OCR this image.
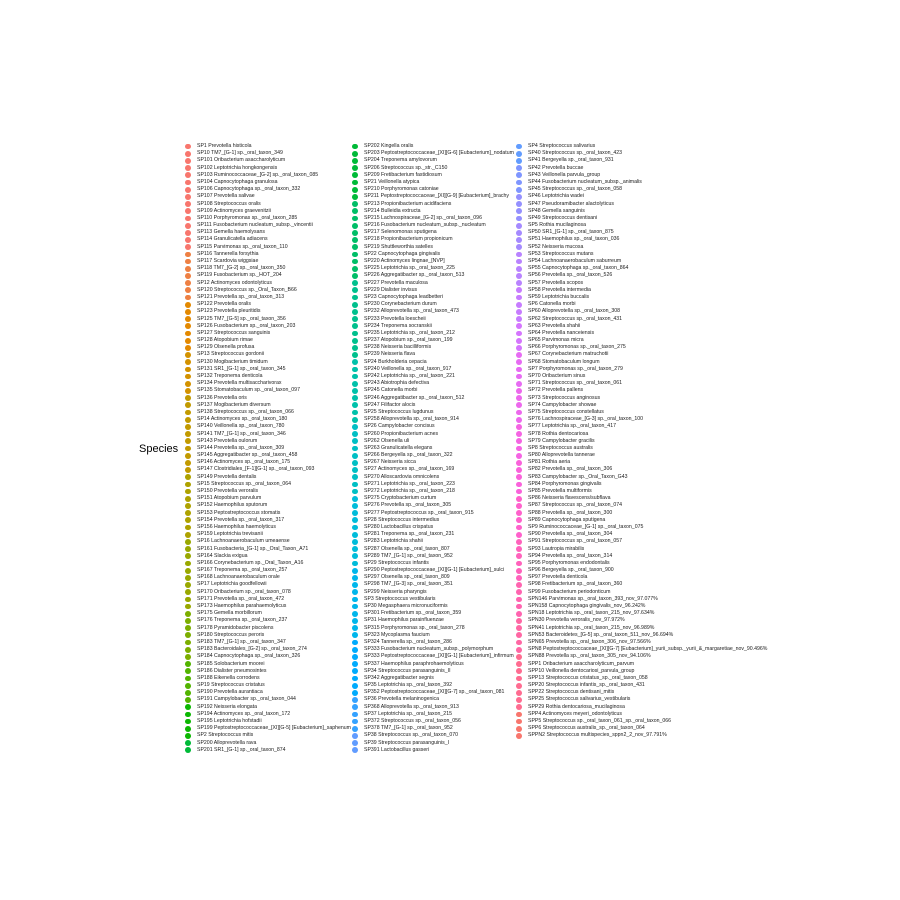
Species
SP1 Prevotella histicola
SP10 TM7_[G-1] sp._oral_taxon_349
SP101 Oribacterium asaccharolyticum
SP102 Leptotrichia hongkongensis
SP103 Ruminococcaceae_[G-2] sp._oral_taxon_085
SP104 Capnocytophaga granulosa
SP106 Capnocytophaga sp._oral_taxon_332
SP107 Prevotella salivae
SP108 Streptococcus oralis
SP109 Actinomyces graevenitzii
SP110 Porphyromonas sp._oral_taxon_285
SP111 Fusobacterium nucleatum_subsp._vincentii
SP113 Gemella haemolysans
SP114 Granulicatella adiacens
SP115 Parvimonas sp._oral_taxon_110
SP116 Tannerella forsythia
SP117 Scardovia wiggsiae
SP118 TM7_[G-2] sp._oral_taxon_350
SP119 Fusobacterium sp._HOT_204
SP12 Actinomyces odontolyticus
SP120 Streptococcus sp._Oral_Taxon_B66
SP121 Prevotella sp._oral_taxon_313
SP122 Prevotella oralis
SP123 Prevotella pleuritidis
SP125 TM7_[G-5] sp._oral_taxon_356
SP126 Fusobacterium sp._oral_taxon_203
SP127 Streptococcus sanguinis
SP128 Atopobium rimae
SP129 Olsenella profusa
SP13 Streptococcus gordonii
SP130 Mogibacterium timidum
SP131 SR1_[G-1] sp._oral_taxon_345
SP132 Treponema denticola
SP134 Prevotella multisaccharivorax
SP135 Stomatobaculum sp._oral_taxon_097
SP136 Prevotella oris
SP137 Mogibacterium diversum
SP138 Streptococcus sp._oral_taxon_066
SP14 Actinomyces sp._oral_taxon_180
SP140 Veillonella sp._oral_taxon_780
SP141 TM7_[G-1] sp._oral_taxon_346
SP143 Prevotella oulorum
SP144 Prevotella sp._oral_taxon_309
SP145 Aggregatibacter sp._oral_taxon_458
SP146 Actinomyces sp._oral_taxon_175
SP147 Clostridiales_[F-1][G-1] sp._oral_taxon_093
SP149 Prevotella dentalis
SP15 Streptococcus sp._oral_taxon_064
SP150 Prevotella veroralis
SP151 Atopobium parvulum
SP152 Haemophilus sputorum
SP153 Peptostreptococcus stomatis
SP154 Prevotella sp._oral_taxon_317
SP156 Haemophilus haemolyticus
SP159 Leptotrichia trevisanii
SP16 Lachnoanaerobaculum umeaense
SP161 Fusobacteria_[G-1] sp._Oral_Taxon_A71
SP164 Slackia exigua
SP166 Corynebacterium sp._Oral_Taxon_A16
SP167 Treponema sp._oral_taxon_257
SP168 Lachnoanaerobaculum orale
SP17 Leptotrichia goodfellowii
SP170 Oribacterium sp._oral_taxon_078
SP171 Prevotella sp._oral_taxon_472
SP173 Haemophilus parahaemolyticus
SP175 Gemella morbillorum
SP176 Treponema sp._oral_taxon_237
SP178 Pyramidobacter piscolens
SP180 Streptococcus peroris
SP183 TM7_[G-1] sp._oral_taxon_347
SP183 Bacteroidales_[G-2] sp._oral_taxon_274
SP184 Capnocytophaga sp._oral_taxon_326
SP185 Solobacterium moorei
SP186 Dialister pneumosintes
SP188 Eikenella corrodens
SP19 Streptococcus cristatus
SP190 Prevotella aurantiaca
SP191 Campylobacter sp._oral_taxon_044
SP192 Neisseria elongata
SP194 Actinomyces sp._oral_taxon_172
SP195 Leptotrichia hofstadii
SP199 Peptostreptococcaceae_[XI][G-5] [Eubacterium]_saphenum
SP2 Streptococcus mitis
SP200 Alloprevotella rava
SP201 SR1_[G-1] sp._oral_taxon_874
SP202 Kingella oralis
SP203 Peptostreptococcaceae_[XI][G-6] [Eubacterium]_nodatum
SP204 Treponema amylovorum
SP206 Streptococcus sp._str._C150
SP209 Fretibacterium fastidiosum
SP21 Veillonella atypica
SP210 Porphyromonas catoniae
SP211 Peptostreptococcaceae_[XI][G-9] [Eubacterium]_brachy
SP213 Propionibacterium acidifaciens
SP214 Bulleidia extructa
SP215 Lachnospiraceae_[G-2] sp._oral_taxon_096
SP216 Fusobacterium nucleatum_subsp._nucleatum
SP217 Selenomonas sputigena
SP218 Propionibacterium propionicum
SP219 Shuttleworthia satelles
SP22 Capnocytophaga gingivalis
SP220 Actinomyces lingnae_[NVP]
SP225 Leptotrichia sp._oral_taxon_225
SP226 Aggregatibacter sp._oral_taxon_513
SP227 Prevotella maculosa
SP229 Dialister invisus
SP23 Capnocytophaga leadbetteri
SP230 Corynebacterium durum
SP232 Alloprevotella sp._oral_taxon_473
SP233 Prevotella loescheii
SP234 Treponema socranskii
SP235 Leptotrichia sp._oral_taxon_212
SP237 Atopobium sp._oral_taxon_199
SP238 Neisseria bacilliformis
SP239 Neisseria flava
SP24 Burkholderia cepacia
SP240 Veillonella sp._oral_taxon_917
SP242 Leptotrichia sp._oral_taxon_221
SP243 Abiotrophia defectiva
SP245 Catonella morbi
SP246 Aggregatibacter sp._oral_taxon_512
SP247 Filifactor alocis
SP25 Streptococcus lugdunus
SP258 Alloprevotella sp._oral_taxon_914
SP26 Campylobacter concisus
SP260 Propionibacterium acnes
SP262 Olsenella uli
SP263 Granulicatella elegans
SP266 Bergeyella sp._oral_taxon_322
SP267 Neisseria sicca
SP27 Actinomyces sp._oral_taxon_169
SP270 Alloscardovia omnicolens
SP271 Leptotrichia sp._oral_taxon_223
SP272 Leptotrichia sp._oral_taxon_218
SP275 Cryptobacterium curtum
SP276 Prevotella sp._oral_taxon_305
SP277 Peptostreptococcus sp._oral_taxon_915
SP28 Streptococcus intermedius
SP280 Lactobacillus crispatus
SP281 Treponema sp._oral_taxon_231
SP283 Leptotrichia shahii
SP287 Olsenella sp._oral_taxon_807
SP289 TM7_[G-1] sp._oral_taxon_952
SP29 Streptococcus infantis
SP290 Peptostreptococcaceae_[XI][G-1] [Eubacterium]_sulci
SP297 Olsenella sp._oral_taxon_809
SP298 TM7_[G-3] sp._oral_taxon_351
SP299 Neisseria pharyngis
SP3 Streptococcus vestibularis
SP30 Megasphaera micronuciformis
SP301 Fretibacterium sp._oral_taxon_359
SP31 Haemophilus parainfluenzae
SP315 Porphyromonas sp._oral_taxon_278
SP323 Mycoplasma faucium
SP324 Tannerella sp._oral_taxon_286
SP333 Fusobacterium nucleatum_subsp._polymorphum
SP333 Peptostreptococcaceae_[XI][G-1] [Eubacterium]_infirmum
SP337 Haemophilus paraphrohaemolyticus
SP34 Streptococcus parasanguinis_II
SP342 Aggregatibacter segnis
SP35 Leptotrichia sp._oral_taxon_392
SP352 Peptostreptococcaceae_[XI][G-7] sp._oral_taxon_081
SP36 Prevotella melaninogenica
SP368 Alloprevotella sp._oral_taxon_913
SP37 Leptotrichia sp._oral_taxon_215
SP372 Streptococcus sp._oral_taxon_056
SP378 TM7_[G-1] sp._oral_taxon_952
SP38 Streptococcus sp._oral_taxon_070
SP39 Streptococcus parasanguinis_I
SP391 Lactobacillus gasseri
SP4 Streptococcus salivarius
SP40 Streptococcus sp._oral_taxon_423
SP41 Bergeyella sp._oral_taxon_931
SP42 Prevotella buccae
SP43 Veillonella parvula_group
SP44 Fusobacterium nucleatum_subsp._animalis
SP45 Streptococcus sp._oral_taxon_058
SP46 Leptotrichia wadei
SP47 Pseudoramibacter alactolyticus
SP48 Gemella sanguinis
SP49 Streptococcus dentisani
SP5 Rothia mucilaginosa
SP50 SR1_[G-1] sp._oral_taxon_875
SP51 Haemophilus sp._oral_taxon_036
SP52 Neisseria mucosa
SP53 Streptococcus mutans
SP54 Lachnoanaerobaculum saburreum
SP55 Capnocytophaga sp._oral_taxon_864
SP56 Prevotella sp._oral_taxon_526
SP57 Prevotella scopos
SP58 Prevotella intermedia
SP59 Leptotrichia buccalis
SP6 Catonella morbi
SP60 Alloprevotella sp._oral_taxon_308
SP62 Streptococcus sp._oral_taxon_431
SP63 Prevotella shahii
SP64 Prevotella nanceiensis
SP65 Parvimonas micra
SP66 Porphyromonas sp._oral_taxon_275
SP67 Corynebacterium matruchotii
SP68 Stomatobaculum longum
SP7 Porphyromonas sp._oral_taxon_279
SP70 Oribacterium sinus
SP71 Streptococcus sp._oral_taxon_061
SP72 Prevotella pallens
SP73 Streptococcus anginosus
SP74 Campylobacter showae
SP75 Streptococcus constellatus
SP76 Lachnospiraceae_[G-3] sp._oral_taxon_100
SP77 Leptotrichia sp._oral_taxon_417
SP78 Rothia dentocariosa
SP79 Campylobacter gracilis
SP8 Streptococcus australis
SP80 Alloprevotella tannerae
SP81 Rothia aeria
SP82 Prevotella sp._oral_taxon_306
SP83 Campylobacter sp._Oral_Taxon_G43
SP84 Porphyromonas gingivalis
SP85 Prevotella multiformis
SP86 Neisseria flavescens/subflava
SP87 Streptococcus sp._oral_taxon_074
SP88 Prevotella sp._oral_taxon_300
SP89 Capnocytophaga sputigena
SP9 Ruminococcaceae_[G-1] sp._oral_taxon_075
SP90 Prevotella sp._oral_taxon_304
SP91 Streptococcus sp._oral_taxon_057
SP93 Lautropia mirabilis
SP94 Prevotella sp._oral_taxon_314
SP95 Porphyromonas endodontalis
SP96 Bergeyella sp._oral_taxon_900
SP97 Prevotella denticola
SP98 Fretibacterium sp._oral_taxon_360
SP99 Fusobacterium periodonticum
SPN146 Parvimonas sp._oral_taxon_393_nov_97.077%
SPN158 Capnocytophaga gingivalis_nov_96.242%
SPN18 Leptotrichia sp._oral_taxon_215_nov_97.634%
SPN30 Prevotella veroralis_nov_97.972%
SPN41 Leptotrichia sp._oral_taxon_215_nov_96.989%
SPN53 Bacteroidetes_[G-5] sp._oral_taxon_511_nov_96.694%
SPN65 Prevotella sp._oral_taxon_306_nov_97.566%
SPN8 Peptostreptococcaceae_[XI][G-7] [Eubacterium]_yurii_subsp._yurii_&_margaretiae_nov_90.496%
SPN88 Prevotella sp._oral_taxon_305_nov_94.106%
SPP1 Oribacterium asaccharolyticum_parvum
SPP10 Veillonella dentocariosi_parvula_group
SPP13 Streptococcus cristatus_sp._oral_taxon_058
SPP20 Streptococcus infantis_sp._oral_taxon_431
SPP22 Streptococcus dentisani_mitis
SPP25 Streptococcus salivarius_vestibularis
SPP29 Rothia dentocariosa_mucilaginosa
SPP4 Actinomyces meyeri_odontolyticus
SPP5 Streptococcus sp._oral_taxon_061_sp._oral_taxon_066
SPP6 Streptococcus australis_sp._oral_taxon_064
SPPN2 Streptococcus multispecies_sppn2_2_nov_97.791%
